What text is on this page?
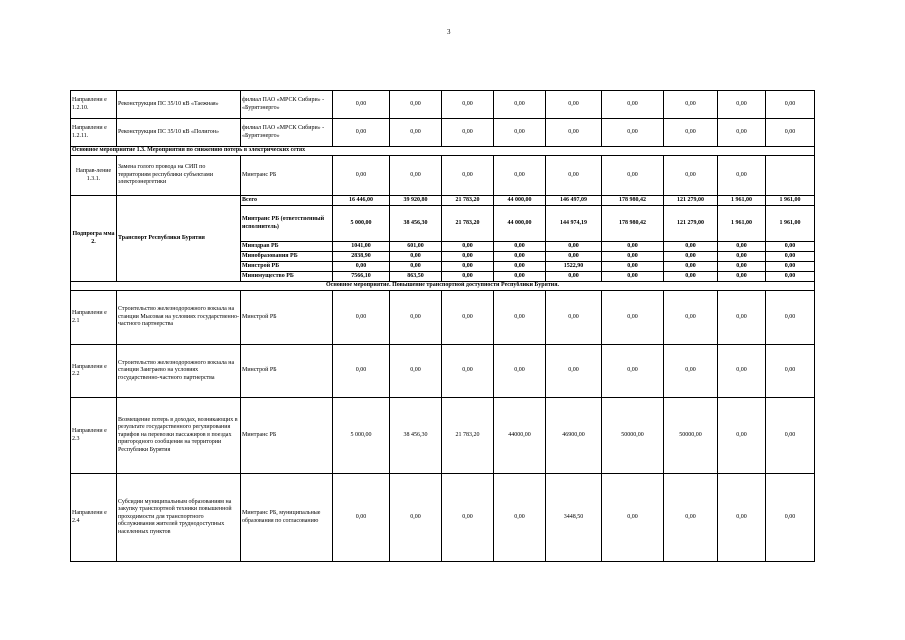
3
Направлени е 1.2.10.	Реконструкция ПС 35/10 кВ «Таежная»	филиал ПАО «МРСК Сибири» - «Бурятэнерго»	0,00	0,00	0,00	0,00	0,00	0,00	0,00	0,00	0,00
Направлени е 1.2.11.	Реконструкция ПС 35/10 кВ «Полигон»	филиал ПАО «МРСК Сибири» - «Бурятэнерго»	0,00	0,00	0,00	0,00	0,00	0,00	0,00	0,00	0,00
Основное мероприятие 1.3. Мероприятия по снижению потерь в электрических сетях											
Направ-ление 1.3.1.	Замена голого провода на СИП по территориям республики субъектами электроэнергетики	Минтранс РБ	0,00	0,00	0,00	0,00	0,00	0,00	0,00	0,00	
Подпрогра мма 2.	Транспорт Республики Бурятия	Всего	16 446,00	39 920,80	21 783,20	44 000,00	146 497,09	178 980,42	121 279,00	1 961,00	1 961,00
		Минтранс РБ (ответственный исполнитель)	5 000,00	38 456,30	21 783,20	44 000,00	144 974,19	178 980,42	121 279,00	1 961,00	1 961,00
		Минздрав РБ	1041,00	601,00	0,00	0,00	0,00	0,00	0,00	0,00	0,00
		Минобразования РБ	2838,90	0,00	0,00	0,00	0,00	0,00	0,00	0,00	0,00
		Минстрой РБ	0,00	0,00	0,00	0,00	1522,90	0,00	0,00	0,00	0,00
		Минимущество РБ	7566,10	863,50	0,00	0,00	0,00	0,00	0,00	0,00	0,00
Основное мероприятие. Повышение транспортной доступности Республики Бурятия.											
Направлени е 2.1	Строительство железнодорожного вокзала на станции Мысовая на условиях государственно-частного партнерства	Минстрой РБ	0,00	0,00	0,00	0,00	0,00	0,00	0,00	0,00	0,00
Направлени е 2.2	Строительство железнодорожного вокзала на станции Заиграево на условиях государственно-частного партнерства	Минстрой РБ	0,00	0,00	0,00	0,00	0,00	0,00	0,00	0,00	0,00
Направлени е 2.3	Возмещение потерь в доходах, возникающих в результате государственного регулирования тарифов на перевозки пассажиров в поездах пригородного сообщения на территории Республики Бурятия	Минтранс РБ	5 000,00	38 456,30	21 783,20	44000,00	46900,00	50000,00	50000,00	0,00	0,00
Направлени е 2.4	Субсидии муниципальным образованиям на закупку транспортной техники повышенной проходимости для транспортного обслуживания жителей труднодоступных населенных пунктов	Минтранс РБ, муниципальные образования по согласованию	0,00	0,00	0,00	0,00	3448,50	0,00	0,00	0,00	0,00
